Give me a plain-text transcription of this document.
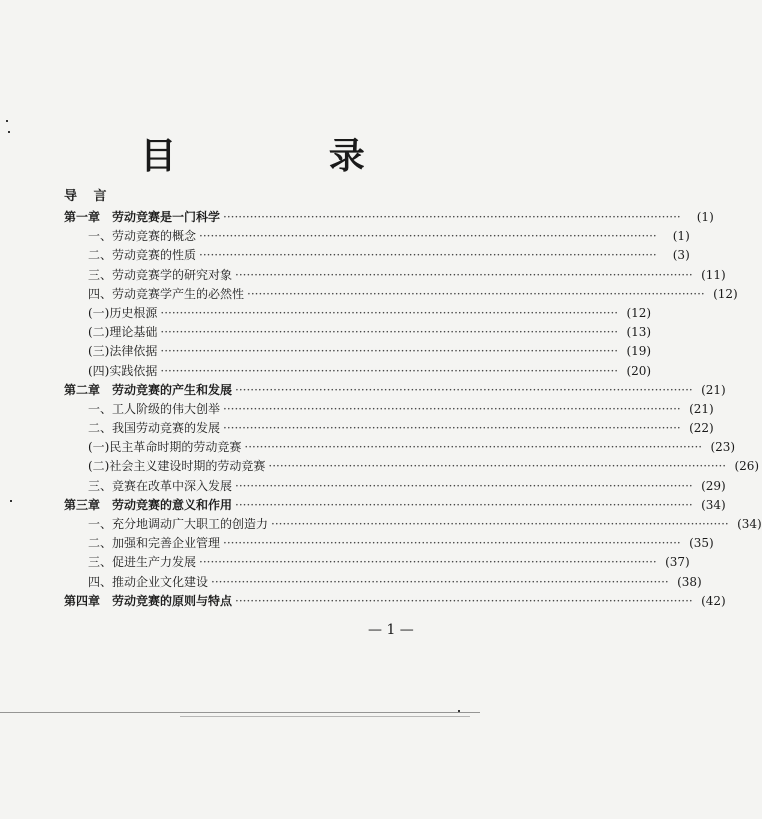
目 录
导 言
第一章　劳动竞赛是一门科学 ························································································································	(1)
一、劳动竞赛的概念 ························································································································	(1)
二、劳动竞赛的性质 ························································································································	(3)
三、劳动竞赛学的研究对象 ························································································································ (11)
四、劳动竞赛学产生的必然性 ························································································································ (12)
(一)历史根源 ························································································································ (12)
(二)理论基础 ························································································································ (13)
(三)法律依据 ························································································································ (19)
(四)实践依据 ························································································································ (20)
第二章　劳动竞赛的产生和发展 ························································································································ (21)
一、工人阶级的伟大创举 ························································································································ (21)
二、我国劳动竞赛的发展 ························································································································ (22)
(一)民主革命时期的劳动竞赛 ························································································································ (23)
(二)社会主义建设时期的劳动竞赛 ························································································································ (26)
三、竞赛在改革中深入发展 ························································································································ (29)
第三章　劳动竞赛的意义和作用 ························································································································ (34)
一、充分地调动广大职工的创造力 ························································································································ (34)
二、加强和完善企业管理 ························································································································ (35)
三、促进生产力发展 ························································································································ (37)
四、推动企业文化建设 ························································································································ (38)
第四章　劳动竞赛的原则与特点 ························································································································ (42)
— 1 —
